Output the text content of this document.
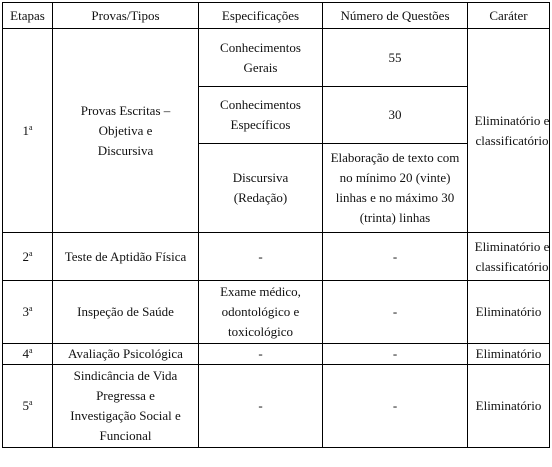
Etapas	Provas/Tipos	Especificações	Número de Questões	Caráter
1$^a$	Provas Escritas – Objetiva e Discursiva	Conhecimentos Gerais	55	Eliminatório e classificatório
		Conhecimentos Específicos	30	
		Discursiva (Redação)	Elaboração de texto com no mínimo 20 (vinte) linhas e no máximo 30 (trinta) linhas	
2$^a$	Teste de Aptidão Física	-	-	Eliminatório e classificatório
3$^a$	Inspeção de Saúde	Exame médico, odontológico e toxicológico	-	Eliminatório
4$^a$	Avaliação Psicológica	-	-	Eliminatório
5$^a$	Sindicância de Vida Pregressa e Investigação Social e Funcional	-	-	Eliminatório
